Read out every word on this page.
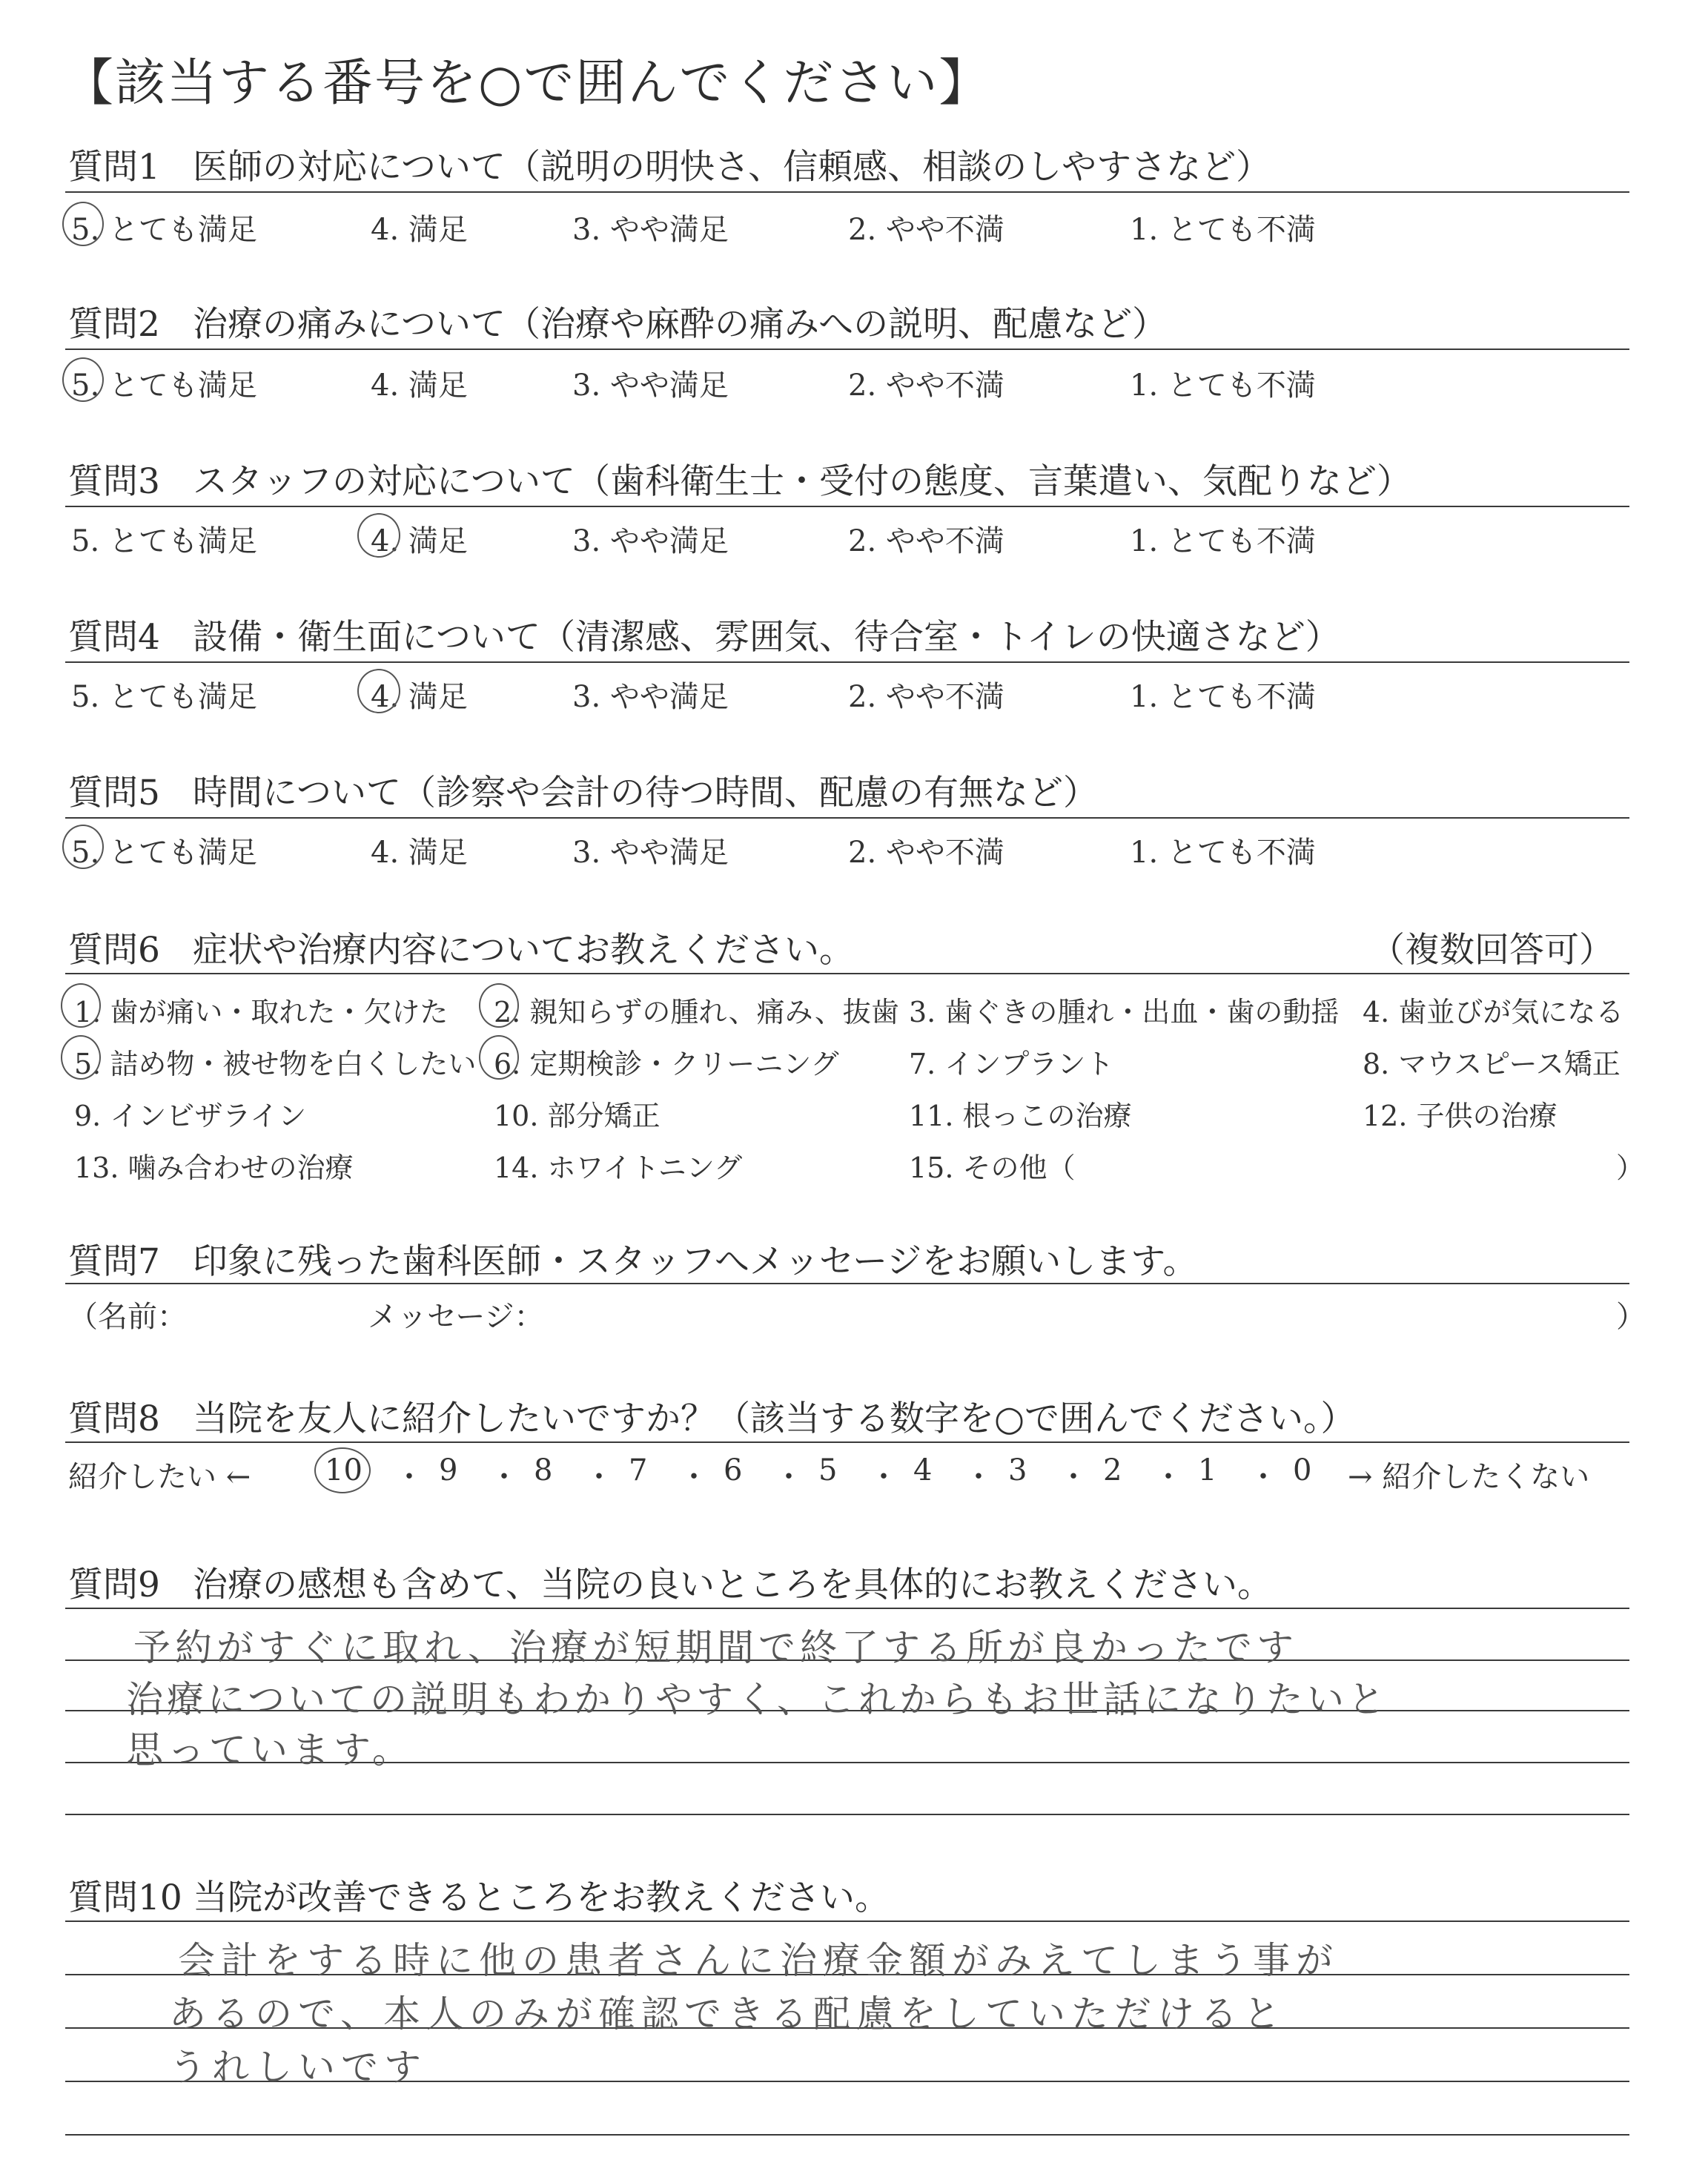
【該当する番号を○で囲んでください】
質問1 医師の対応について（説明の明快さ、信頼感、相談のしやすさなど）
5. とても満足	4. 満足	3. やや満足	2. やや不満	1. とても不満
質問2 治療の痛みについて（治療や麻酔の痛みへの説明、配慮など）
5. とても満足	4. 満足	3. やや満足	2. やや不満	1. とても不満
質問3 スタッフの対応について（歯科衛生士・受付の態度、言葉遣い、気配りなど）
5. とても満足	4. 満足	3. やや満足	2. やや不満	1. とても不満
質問4 設備・衛生面について（清潔感、雰囲気、待合室・トイレの快適さなど）
5. とても満足	4. 満足	3. やや満足	2. やや不満	1. とても不満
質問5 時間について（診察や会計の待つ時間、配慮の有無など）
5. とても満足	4. 満足	3. やや満足	2. やや不満	1. とても不満
質問6 症状や治療内容についてお教えください。	（複数回答可）
1. 歯が痛い・取れた・欠けた 2. 親知らずの腫れ、痛み、抜歯 3. 歯ぐきの腫れ・出血・歯の動揺 4. 歯並びが気になる
5. 詰め物・被せ物を白くしたい 6. 定期検診・クリーニング 7. インプラント	8. マウスピース矯正
9. インビザライン	10. 部分矯正	11. 根っこの治療	12. 子供の治療
13. 噛み合わせの治療	14. ホワイトニング	15. その他（	）
質問7 印象に残った歯科医師・スタッフへメッセージをお願いします。
（名前：	メッセージ：	）
質問8 当院を友人に紹介したいですか？（該当する数字を○で囲んでください。）
紹介したい ← 10 ・ 9 ・ 8 ・ 7 ・ 6 ・ 5 ・ 4 ・ 3 ・ 2 ・ 1 ・ 0 → 紹介したくない
質問9 治療の感想も含めて、当院の良いところを具体的にお教えください。
予約がすぐに取れ、治療が短期間で終了する所が良かったです
治療についての説明もわかりやすく、これからもお世話になりたいと
思っています。
質問10 当院が改善できるところをお教えください。
会計をする時に他の患者さんに治療金額がみえてしまう事が
あるので、本人のみが確認できる配慮をしていただけると
うれしいです
